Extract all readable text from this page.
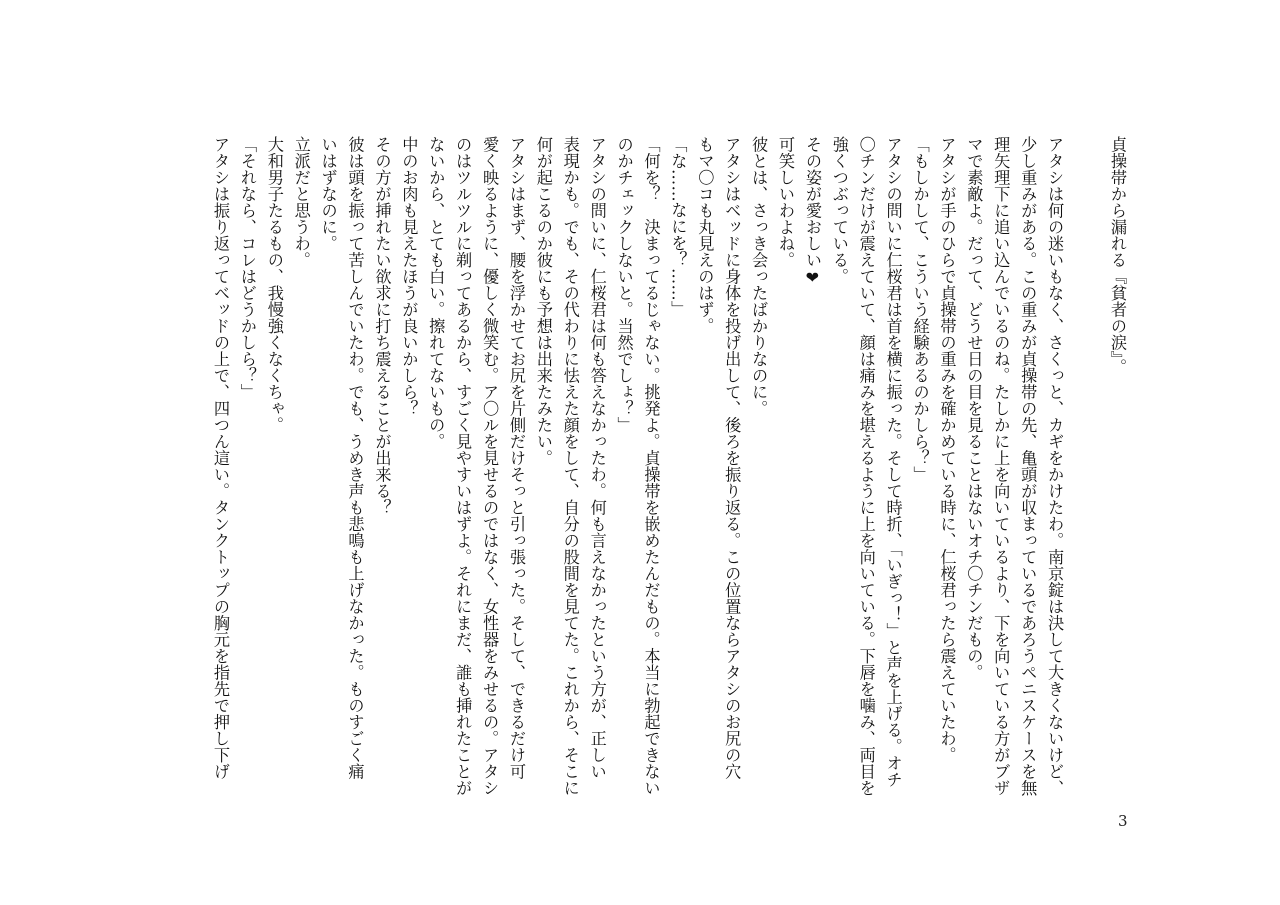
貞操帯から漏れる『貧者の涙』。
アタシは何の迷いもなく、さくっと、カギをかけたわ。南京錠は決して大きくないけど、
少し重みがある。この重みが貞操帯の先、亀頭が収まっているであろうペニスケースを無
理矢理下に追い込んでいるのね。たしかに上を向いているより、下を向いている方がブザ
マで素敵よ。だって、どうせ日の目を見ることはないオチ〇チンだもの。
アタシが手のひらで貞操帯の重みを確かめている時に、仁桜君ったら震えていたわ。
「もしかして、こういう経験あるのかしら？」
アタシの問いに仁桜君は首を横に振った。そして時折、「いぎっ！」と声を上げる。オチ
〇チンだけが震えていて、顔は痛みを堪えるように上を向いている。下唇を噛み、両目を
強くつぶっている。
その姿が愛おしい❤
可笑しいわよね。
彼とは、さっき会ったばかりなのに。
アタシはベッドに身体を投げ出して、後ろを振り返る。この位置ならアタシのお尻の穴
もマ〇コも丸見えのはず。
「な……なにを？……」
「何を？　決まってるじゃない。挑発よ。貞操帯を嵌めたんだもの。本当に勃起できない
のかチェックしないと。当然でしょ？」
アタシの問いに、仁桜君は何も答えなかったわ。何も言えなかったという方が、正しい
表現かも。でも、その代わりに怯えた顔をして、自分の股間を見てた。これから、そこに
何が起こるのか彼にも予想は出来たみたい。
アタシはまず、腰を浮かせてお尻を片側だけそっと引っ張った。そして、できるだけ可
愛く映るように、優しく微笑む。ア〇ルを見せるのではなく、女性器をみせるの。アタシ
のはツルツルに剃ってあるから、すごく見やすいはずよ。それにまだ、誰も挿れたことが
ないから、とても白い。擦れてないもの。
中のお肉も見えたほうが良いかしら？
その方が挿れたい欲求に打ち震えることが出来る？
彼は頭を振って苦しんでいたわ。でも、うめき声も悲鳴も上げなかった。ものすごく痛
いはずなのに。
立派だと思うわ。
大和男子たるもの、我慢強くなくちゃ。
「それなら、コレはどうかしら？」
アタシは振り返ってベッドの上で、四つん這い。タンクトップの胸元を指先で押し下げ
3
